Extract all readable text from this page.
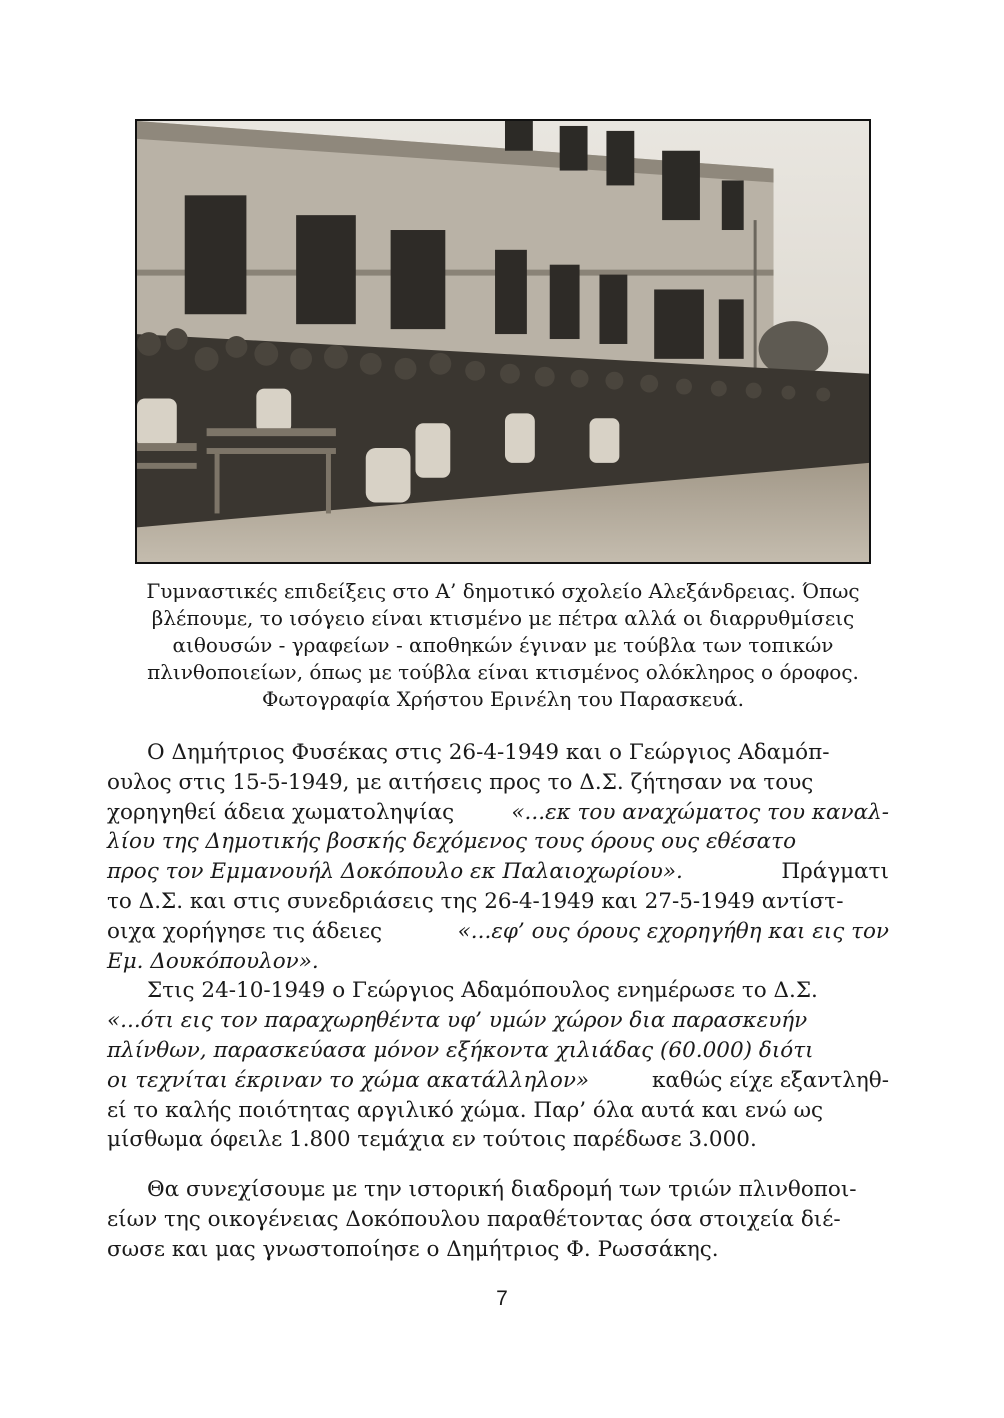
Γυμναστικές επιδείξεις στο Α’ δημοτικό σχολείο Αλεξάνδρειας. Όπως
βλέπουμε, το ισόγειο είναι κτισμένο με πέτρα αλλά οι διαρρυθμίσεις
αιθουσών - γραφείων - αποθηκών έγιναν με τούβλα των τοπικών
πλινθοποιείων, όπως με τούβλα είναι κτισμένος ολόκληρος ο όροφος.
Φωτογραφία Χρήστου Ερινέλη του Παρασκευά.
Ο Δημήτριος Φυσέκας στις 26-4-1949 και ο Γεώργιος Αδαμόπ-
ουλος στις 15-5-1949, με αιτήσεις προς το Δ.Σ. ζήτησαν να τους
χορηγηθεί άδεια χωματοληψίας «...εκ του αναχώματος του καναλ-
λίου της Δημοτικής βοσκής δεχόμενος τους όρους ους εθέσατο
προς τον Εμμανουήλ Δοκόπουλο εκ Παλαιοχωρίου».	Πράγματι
το Δ.Σ. και στις συνεδριάσεις της 26-4-1949 και 27-5-1949 αντίστ-
οιχα χορήγησε τις άδειες	«...εφ’ ους όρους εχορηγήθη και εις τον
Εμ. Δουκόπουλον».
Στις 24-10-1949 ο Γεώργιος Αδαμόπουλος ενημέρωσε το Δ.Σ.
«...ότι εις τον παραχωρηθέντα υφ’ υμών χώρον δια παρασκευήν
πλίνθων, παρασκεύασα μόνον εξήκοντα χιλιάδας (60.000) διότι
οι τεχνίται έκριναν το χώμα ακατάλληλον»	καθώς είχε εξαντληθ-
εί το καλής ποιότητας αργιλικό χώμα. Παρ’ όλα αυτά και ενώ ως
μίσθωμα όφειλε 1.800 τεμάχια εν τούτοις παρέδωσε 3.000.
Θα συνεχίσουμε με την ιστορική διαδρομή των τριών πλινθοποι-
είων της οικογένειας Δοκόπουλου παραθέτοντας όσα στοιχεία διέ-
σωσε και μας γνωστοποίησε ο Δημήτριος Φ. Ρωσσάκης.
7
